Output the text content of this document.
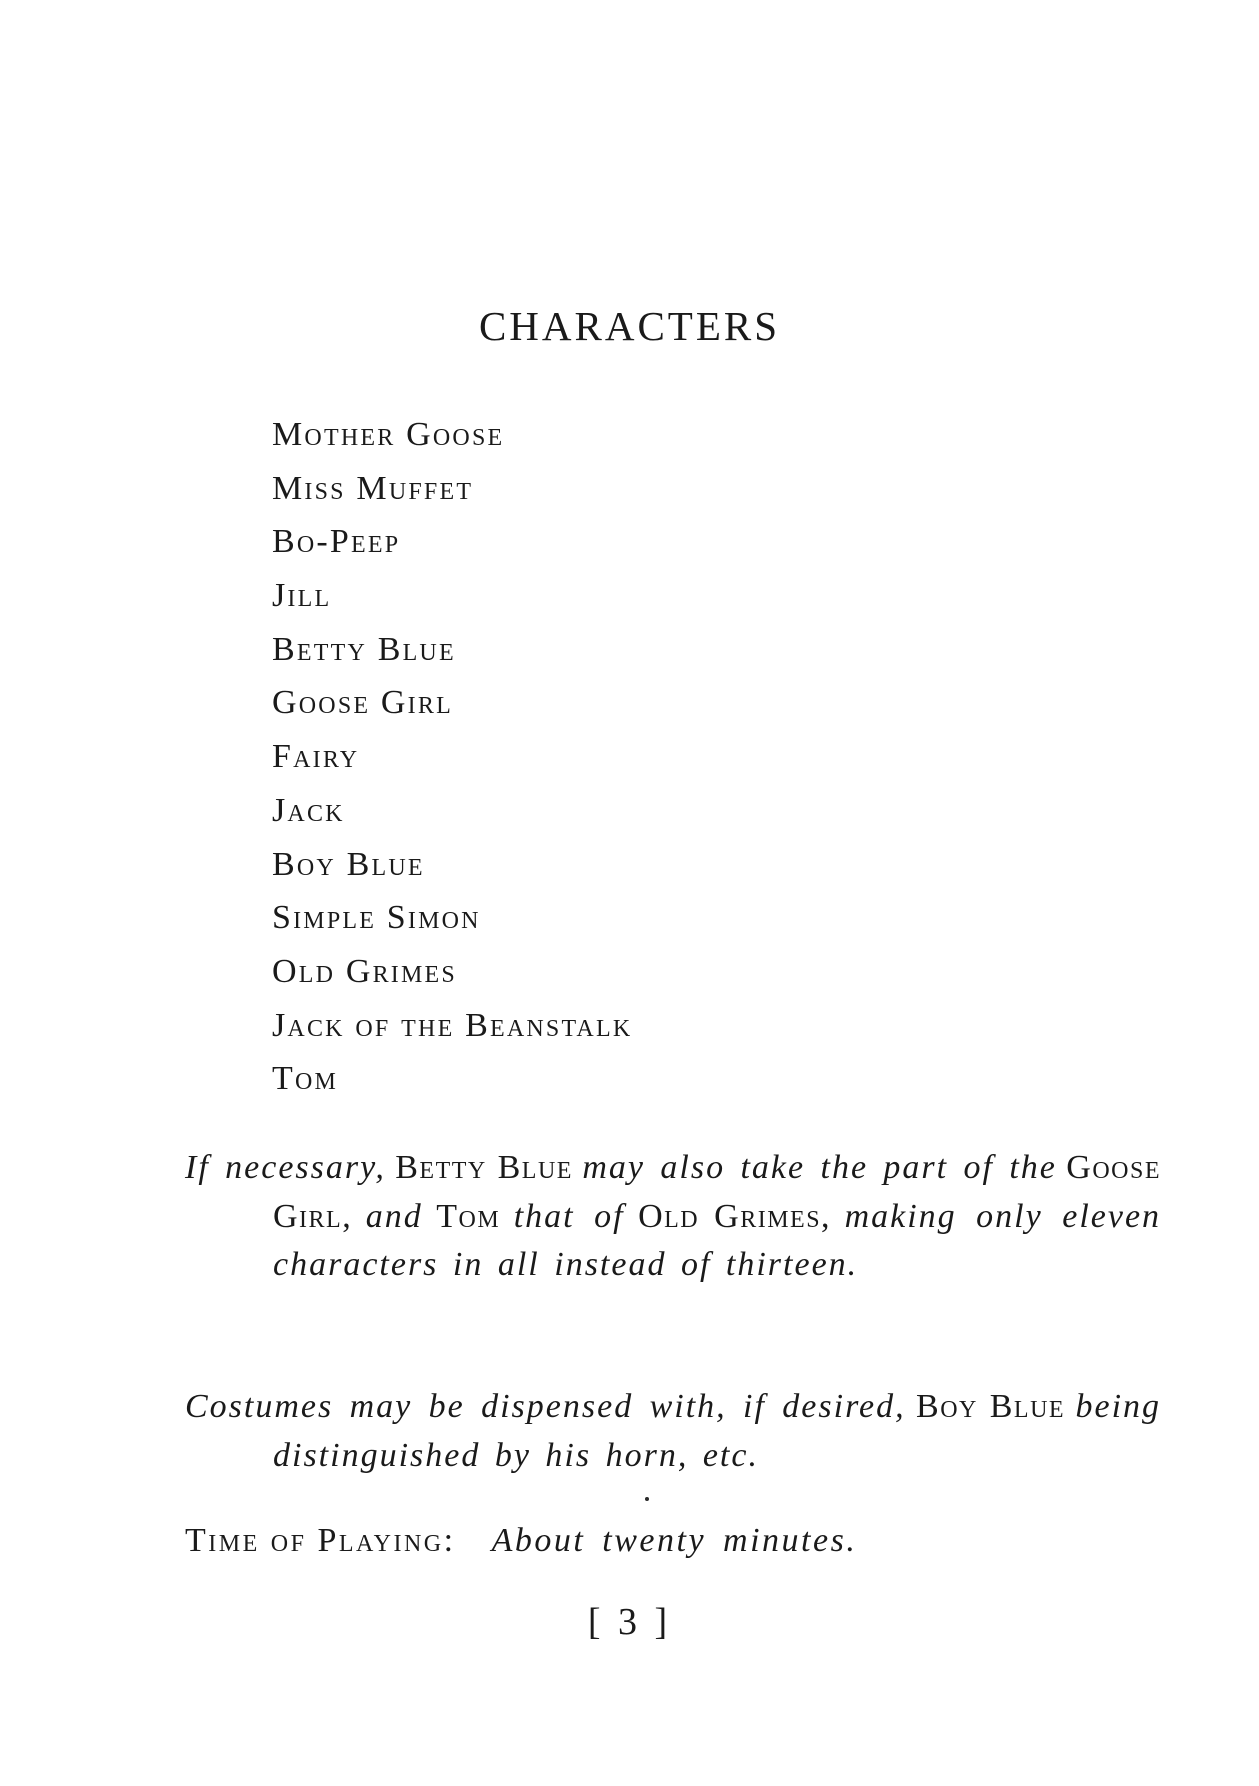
CHARACTERS
Mother Goose
Miss Muffet
Bo-Peep
Jill
Betty Blue
Goose Girl
Fairy
Jack
Boy Blue
Simple Simon
Old Grimes
Jack of the Beanstalk
Tom

If necessary, Betty Blue may also take the part of the Goose Girl, and Tom that of Old Grimes, making only eleven characters in all instead of thirteen.

Costumes may be dispensed with, if desired, Boy Blue being distinguished by his horn, etc.

Time of Playing: About twenty minutes.

[ 3 ]
